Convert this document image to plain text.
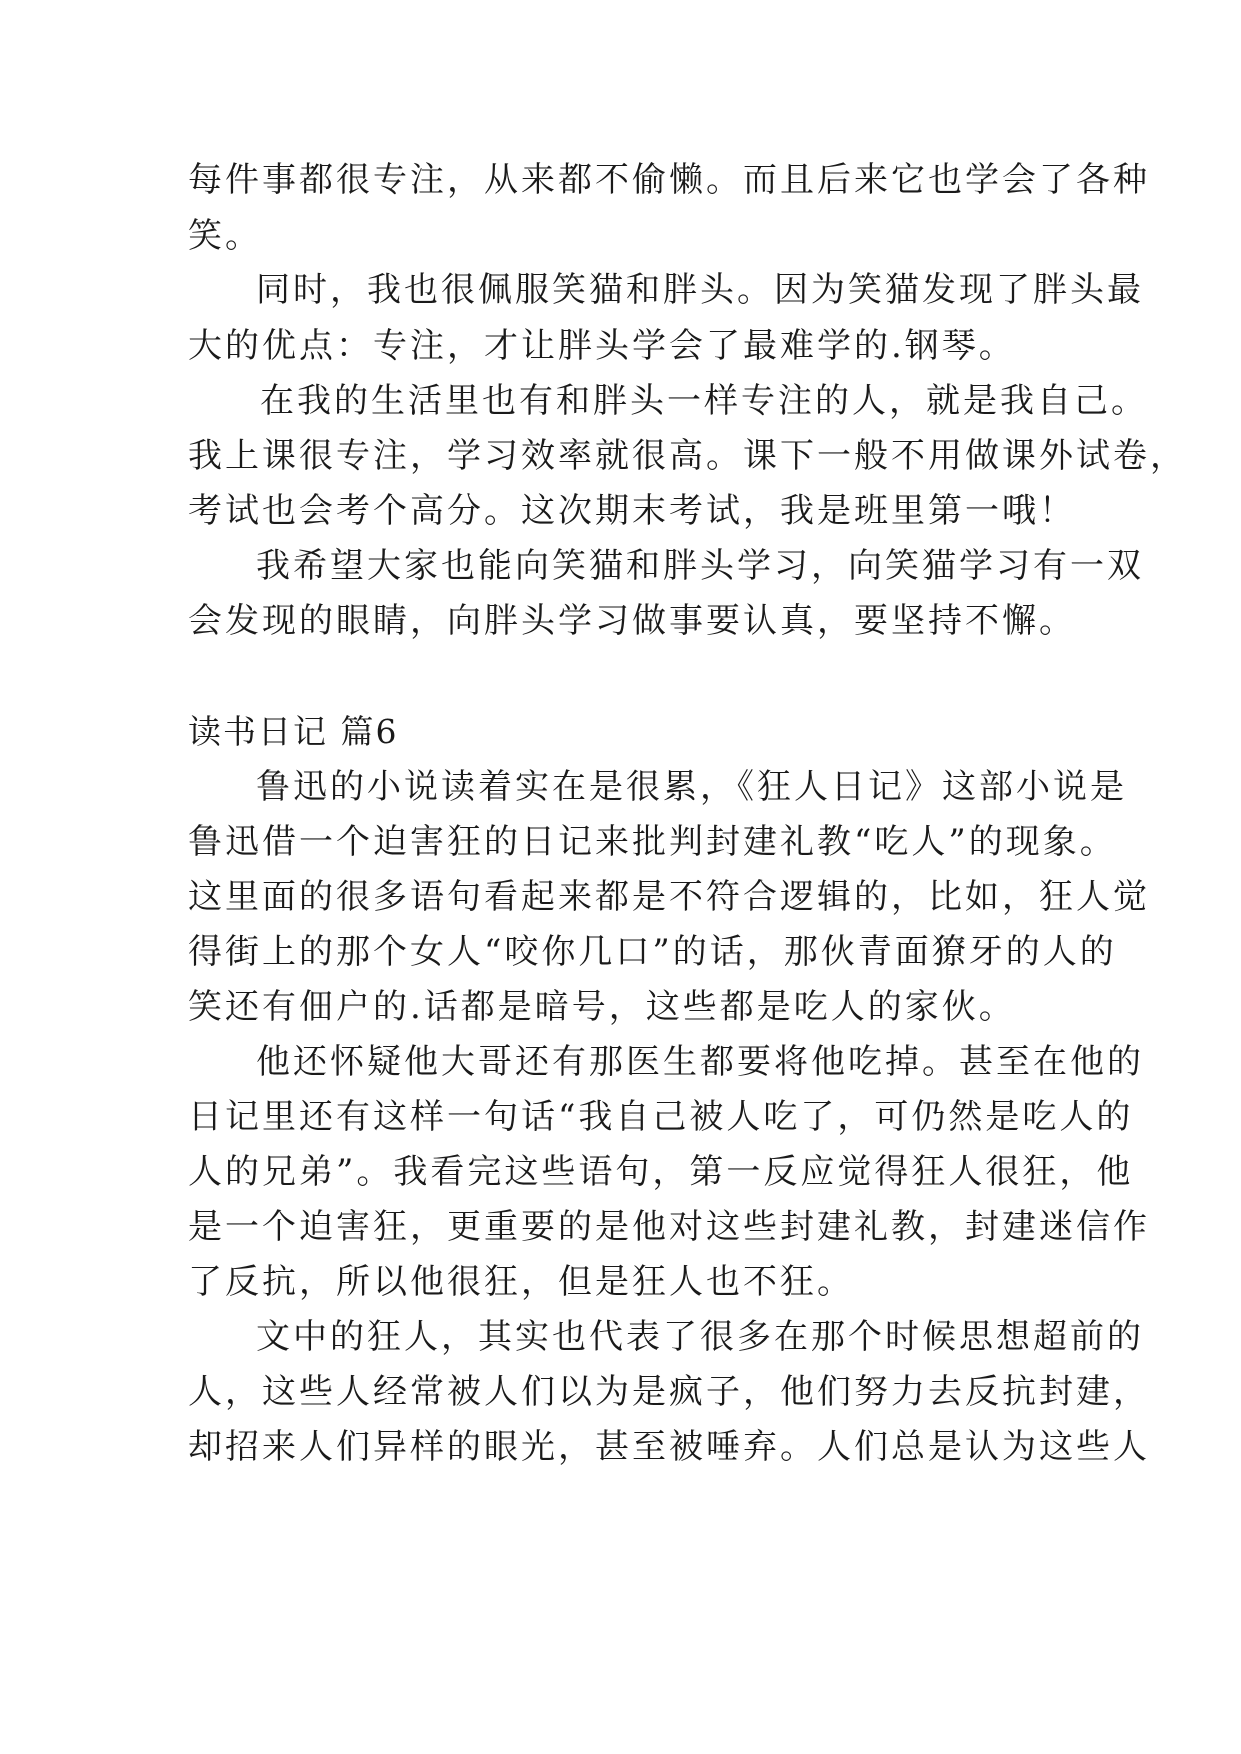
每件事都很专注，从来都不偷懒。而且后来它也学会了各种
笑。
同时，我也很佩服笑猫和胖头。因为笑猫发现了胖头最
大的优点：专注，才让胖头学会了最难学的.钢琴。
在我的生活里也有和胖头一样专注的人，就是我自己。
我上课很专注，学习效率就很高。课下一般不用做课外试卷，
考试也会考个高分。这次期末考试，我是班里第一哦！
我希望大家也能向笑猫和胖头学习，向笑猫学习有一双
会发现的眼睛，向胖头学习做事要认真，要坚持不懈。
读书日记 篇6
鲁迅的小说读着实在是很累，《狂人日记》这部小说是
鲁迅借一个迫害狂的日记来批判封建礼教“吃人”的现象。
这里面的很多语句看起来都是不符合逻辑的，比如，狂人觉
得街上的那个女人“咬你几口”的话，那伙青面獠牙的人的
笑还有佃户的.话都是暗号，这些都是吃人的家伙。
他还怀疑他大哥还有那医生都要将他吃掉。甚至在他的
日记里还有这样一句话“我自己被人吃了，可仍然是吃人的
人的兄弟”。我看完这些语句，第一反应觉得狂人很狂，他
是一个迫害狂，更重要的是他对这些封建礼教，封建迷信作
了反抗，所以他很狂，但是狂人也不狂。
文中的狂人，其实也代表了很多在那个时候思想超前的
人，这些人经常被人们以为是疯子，他们努力去反抗封建，
却招来人们异样的眼光，甚至被唾弃。人们总是认为这些人
